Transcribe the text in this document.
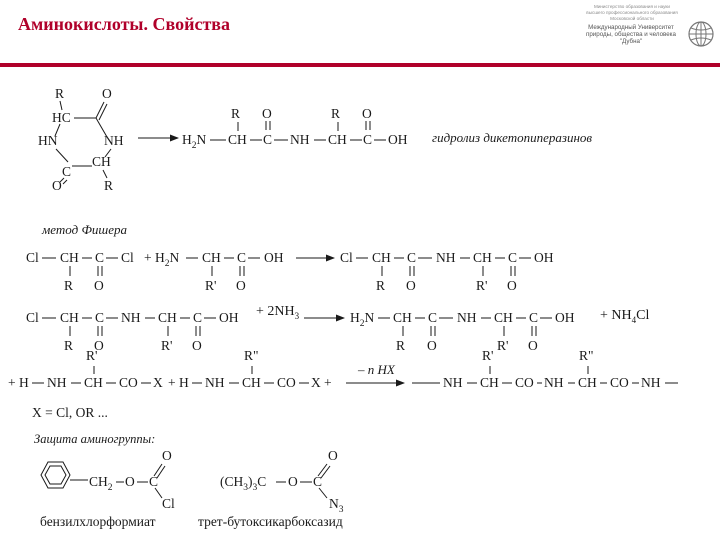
Аминокислоты. Свойства
Министерство образования и науки
высшего профессионального образования
Московской области
Международный Университет
природы, общества и человека
"Дубна"
гидролиз дикетопиперазинов
метод Фишера
Защита аминогруппы:
X = Cl, OR ...
+ $2NH_3$	+ $NH_4Cl$
– n HX
бензилхлорформиат	трет-бутоксикарбоксазид
R
HC
O
NH
HN
C
CH
O	R
$H_2N$ CH
R
C
O
NH CH
R
C
O
OH
Cl CH
R
C
O
$Cl + H_2N$ CH
R'
C
O
OH	Cl CH
R
C
O
NH CH
R'
C
O
OH
Cl CH
R
C
O
NH CH
R'
C
O
OH	$H_2N$ CH
R
C
O
NH CH
R'
C
O
OH
+ H NH CH
R'
CO X + H NH CH
R"
CO X +	NH CH
R'
CO NH CH
R"
CO NH
$CH_2$ O C
O
Cl
$(CH_3)_3C$ O C
O
$N_3$
